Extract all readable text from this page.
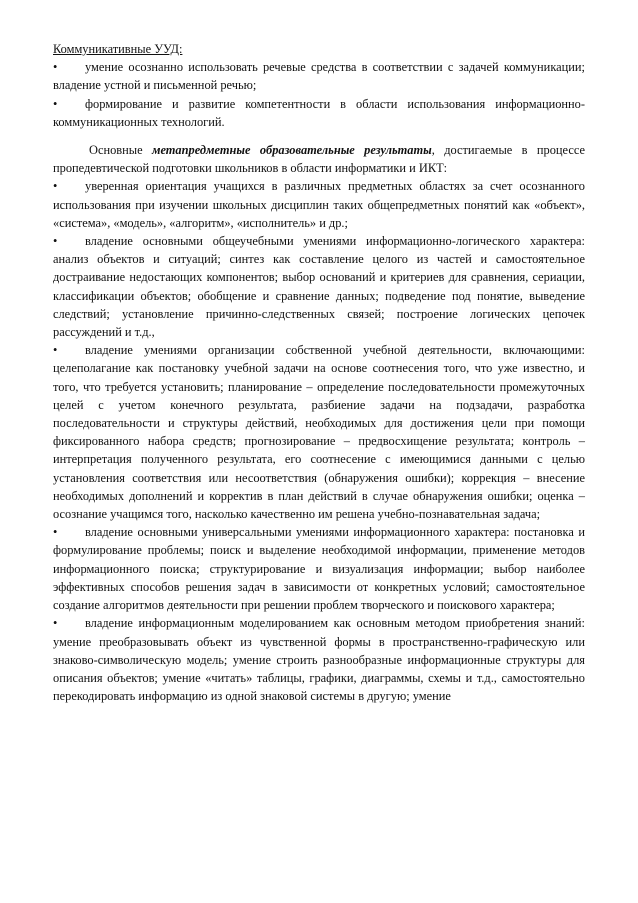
Коммуникативные УУД:

• умение осознанно использовать речевые средства в соответствии с задачей коммуникации; владение устной и письменной речью;

• формирование и развитие компетентности в области использования информационно-коммуникационных технологий.

Основные метапредметные образовательные результаты, достигаемые в процессе пропедевтической подготовки школьников в области информатики и ИКТ:

• уверенная ориентация учащихся в различных предметных областях за счет осознанного использования при изучении школьных дисциплин таких общепредметных понятий как «объект», «система», «модель», «алгоритм», «исполнитель» и др.;

• владение основными общеучебными умениями информационно-логического характера: анализ объектов и ситуаций; синтез как составление целого из частей и самостоятельное достраивание недостающих компонентов; выбор оснований и критериев для сравнения, сериации, классификации объектов; обобщение и сравнение данных; подведение под понятие, выведение следствий; установление причинно-следственных связей; построение логических цепочек рассуждений и т.д.,

• владение умениями организации собственной учебной деятельности, включающими: целеполагание как постановку учебной задачи на основе соотнесения того, что уже известно, и того, что требуется установить; планирование – определение последовательности промежуточных целей с учетом конечного результата, разбиение задачи на подзадачи, разработка последовательности и структуры действий, необходимых для достижения цели при помощи фиксированного набора средств; прогнозирование – предвосхищение результата; контроль – интерпретация полученного результата, его соотнесение с имеющимися данными с целью установления соответствия или несоответствия (обнаружения ошибки); коррекция – внесение необходимых дополнений и корректив в план действий в случае обнаружения ошибки; оценка – осознание учащимся того, насколько качественно им решена учебно-познавательная задача;

• владение основными универсальными умениями информационного характера: постановка и формулирование проблемы; поиск и выделение необходимой информации, применение методов информационного поиска; структурирование и визуализация информации; выбор наиболее эффективных способов решения задач в зависимости от конкретных условий; самостоятельное создание алгоритмов деятельности при решении проблем творческого и поискового характера;

• владение информационным моделированием как основным методом приобретения знаний: умение преобразовывать объект из чувственной формы в пространственно-графическую или знаково-символическую модель; умение строить разнообразные информационные структуры для описания объектов; умение «читать» таблицы, графики, диаграммы, схемы и т.д., самостоятельно перекодировать информацию из одной знаковой системы в другую; умение
